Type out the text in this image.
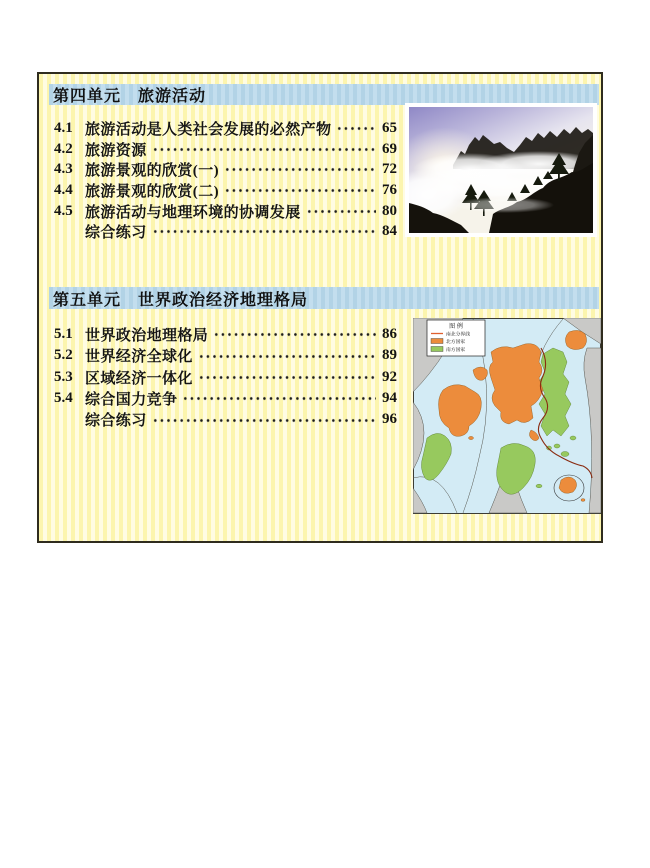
第四单元 旅游活动
4.1 旅游活动是人类社会发展的必然产物	65
4.2 旅游资源	69
4.3 旅游景观的欣赏(一)	72
4.4 旅游景观的欣赏(二)	76
4.5 旅游活动与地理环境的协调发展	80
综合练习	84
第五单元 世界政治经济地理格局
5.1 世界政治地理格局	86
5.2 世界经济全球化	89
5.3 区域经济一体化	92
5.4 综合国力竞争	94
综合练习	96
图 例
南北分界线
北方国家
南方国家
